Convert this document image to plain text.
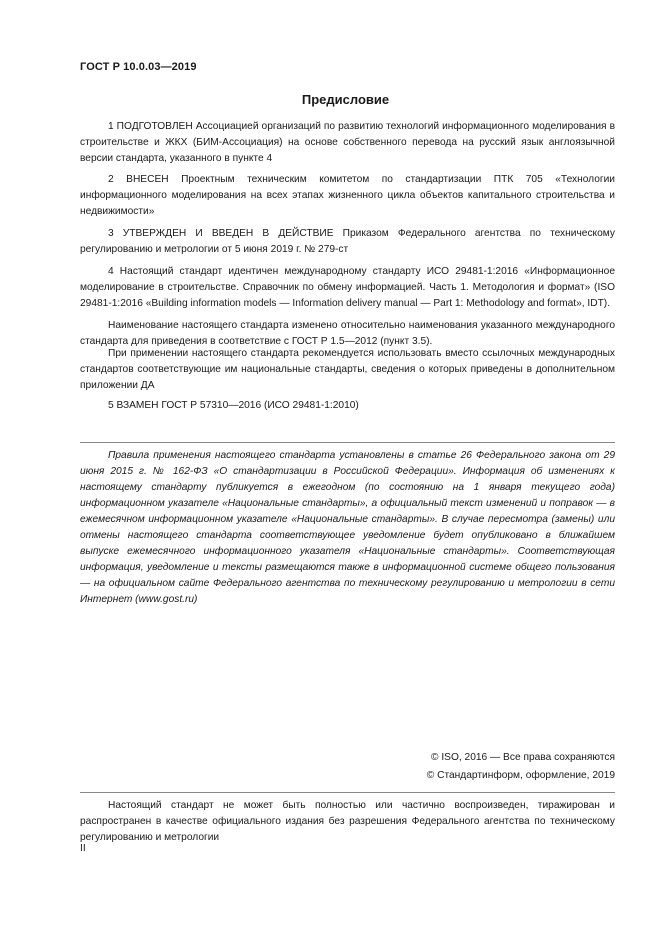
ГОСТ Р 10.0.03—2019
Предисловие

1 ПОДГОТОВЛЕН Ассоциацией организаций по развитию технологий информационного моделирования в строительстве и ЖКХ (БИМ-Ассоциация) на основе собственного перевода на русский язык англоязычной версии стандарта, указанного в пункте 4

2 ВНЕСЕН Проектным техническим комитетом по стандартизации ПТК 705 «Технологии информационного моделирования на всех этапах жизненного цикла объектов капитального строительства и недвижимости»

3 УТВЕРЖДЕН И ВВЕДЕН В ДЕЙСТВИЕ Приказом Федерального агентства по техническому регулированию и метрологии от 5 июня 2019 г. № 279-ст

4 Настоящий стандарт идентичен международному стандарту ИСО 29481-1:2016 «Информационное моделирование в строительстве. Справочник по обмену информацией. Часть 1. Методология и формат» (ISO 29481-1:2016 «Building information models — Information delivery manual — Part 1: Methodology and format», IDT).

Наименование настоящего стандарта изменено относительно наименования указанного международного стандарта для приведения в соответствие с ГОСТ Р 1.5—2012 (пункт 3.5).

При применении настоящего стандарта рекомендуется использовать вместо ссылочных международных стандартов соответствующие им национальные стандарты, сведения о которых приведены в дополнительном приложении ДА

5 ВЗАМЕН ГОСТ Р 57310—2016 (ИСО 29481-1:2010)

Правила применения настоящего стандарта установлены в статье 26 Федерального закона от 29 июня 2015 г. № 162-ФЗ «О стандартизации в Российской Федерации». Информация об изменениях к настоящему стандарту публикуется в ежегодном (по состоянию на 1 января текущего года) информационном указателе «Национальные стандарты», а официальный текст изменений и поправок — в ежемесячном информационном указателе «Национальные стандарты». В случае пересмотра (замены) или отмены настоящего стандарта соответствующее уведомление будет опубликовано в ближайшем выпуске ежемесячного информационного указателя «Национальные стандарты». Соответствующая информация, уведомление и тексты размещаются также в информационной системе общего пользования — на официальном сайте Федерального агентства по техническому регулированию и метрологии в сети Интернет (www.gost.ru)

© ISO, 2016 — Все права сохраняются
© Стандартинформ, оформление, 2019

Настоящий стандарт не может быть полностью или частично воспроизведен, тиражирован и распространен в качестве официального издания без разрешения Федерального агентства по техническому регулированию и метрологии

II
